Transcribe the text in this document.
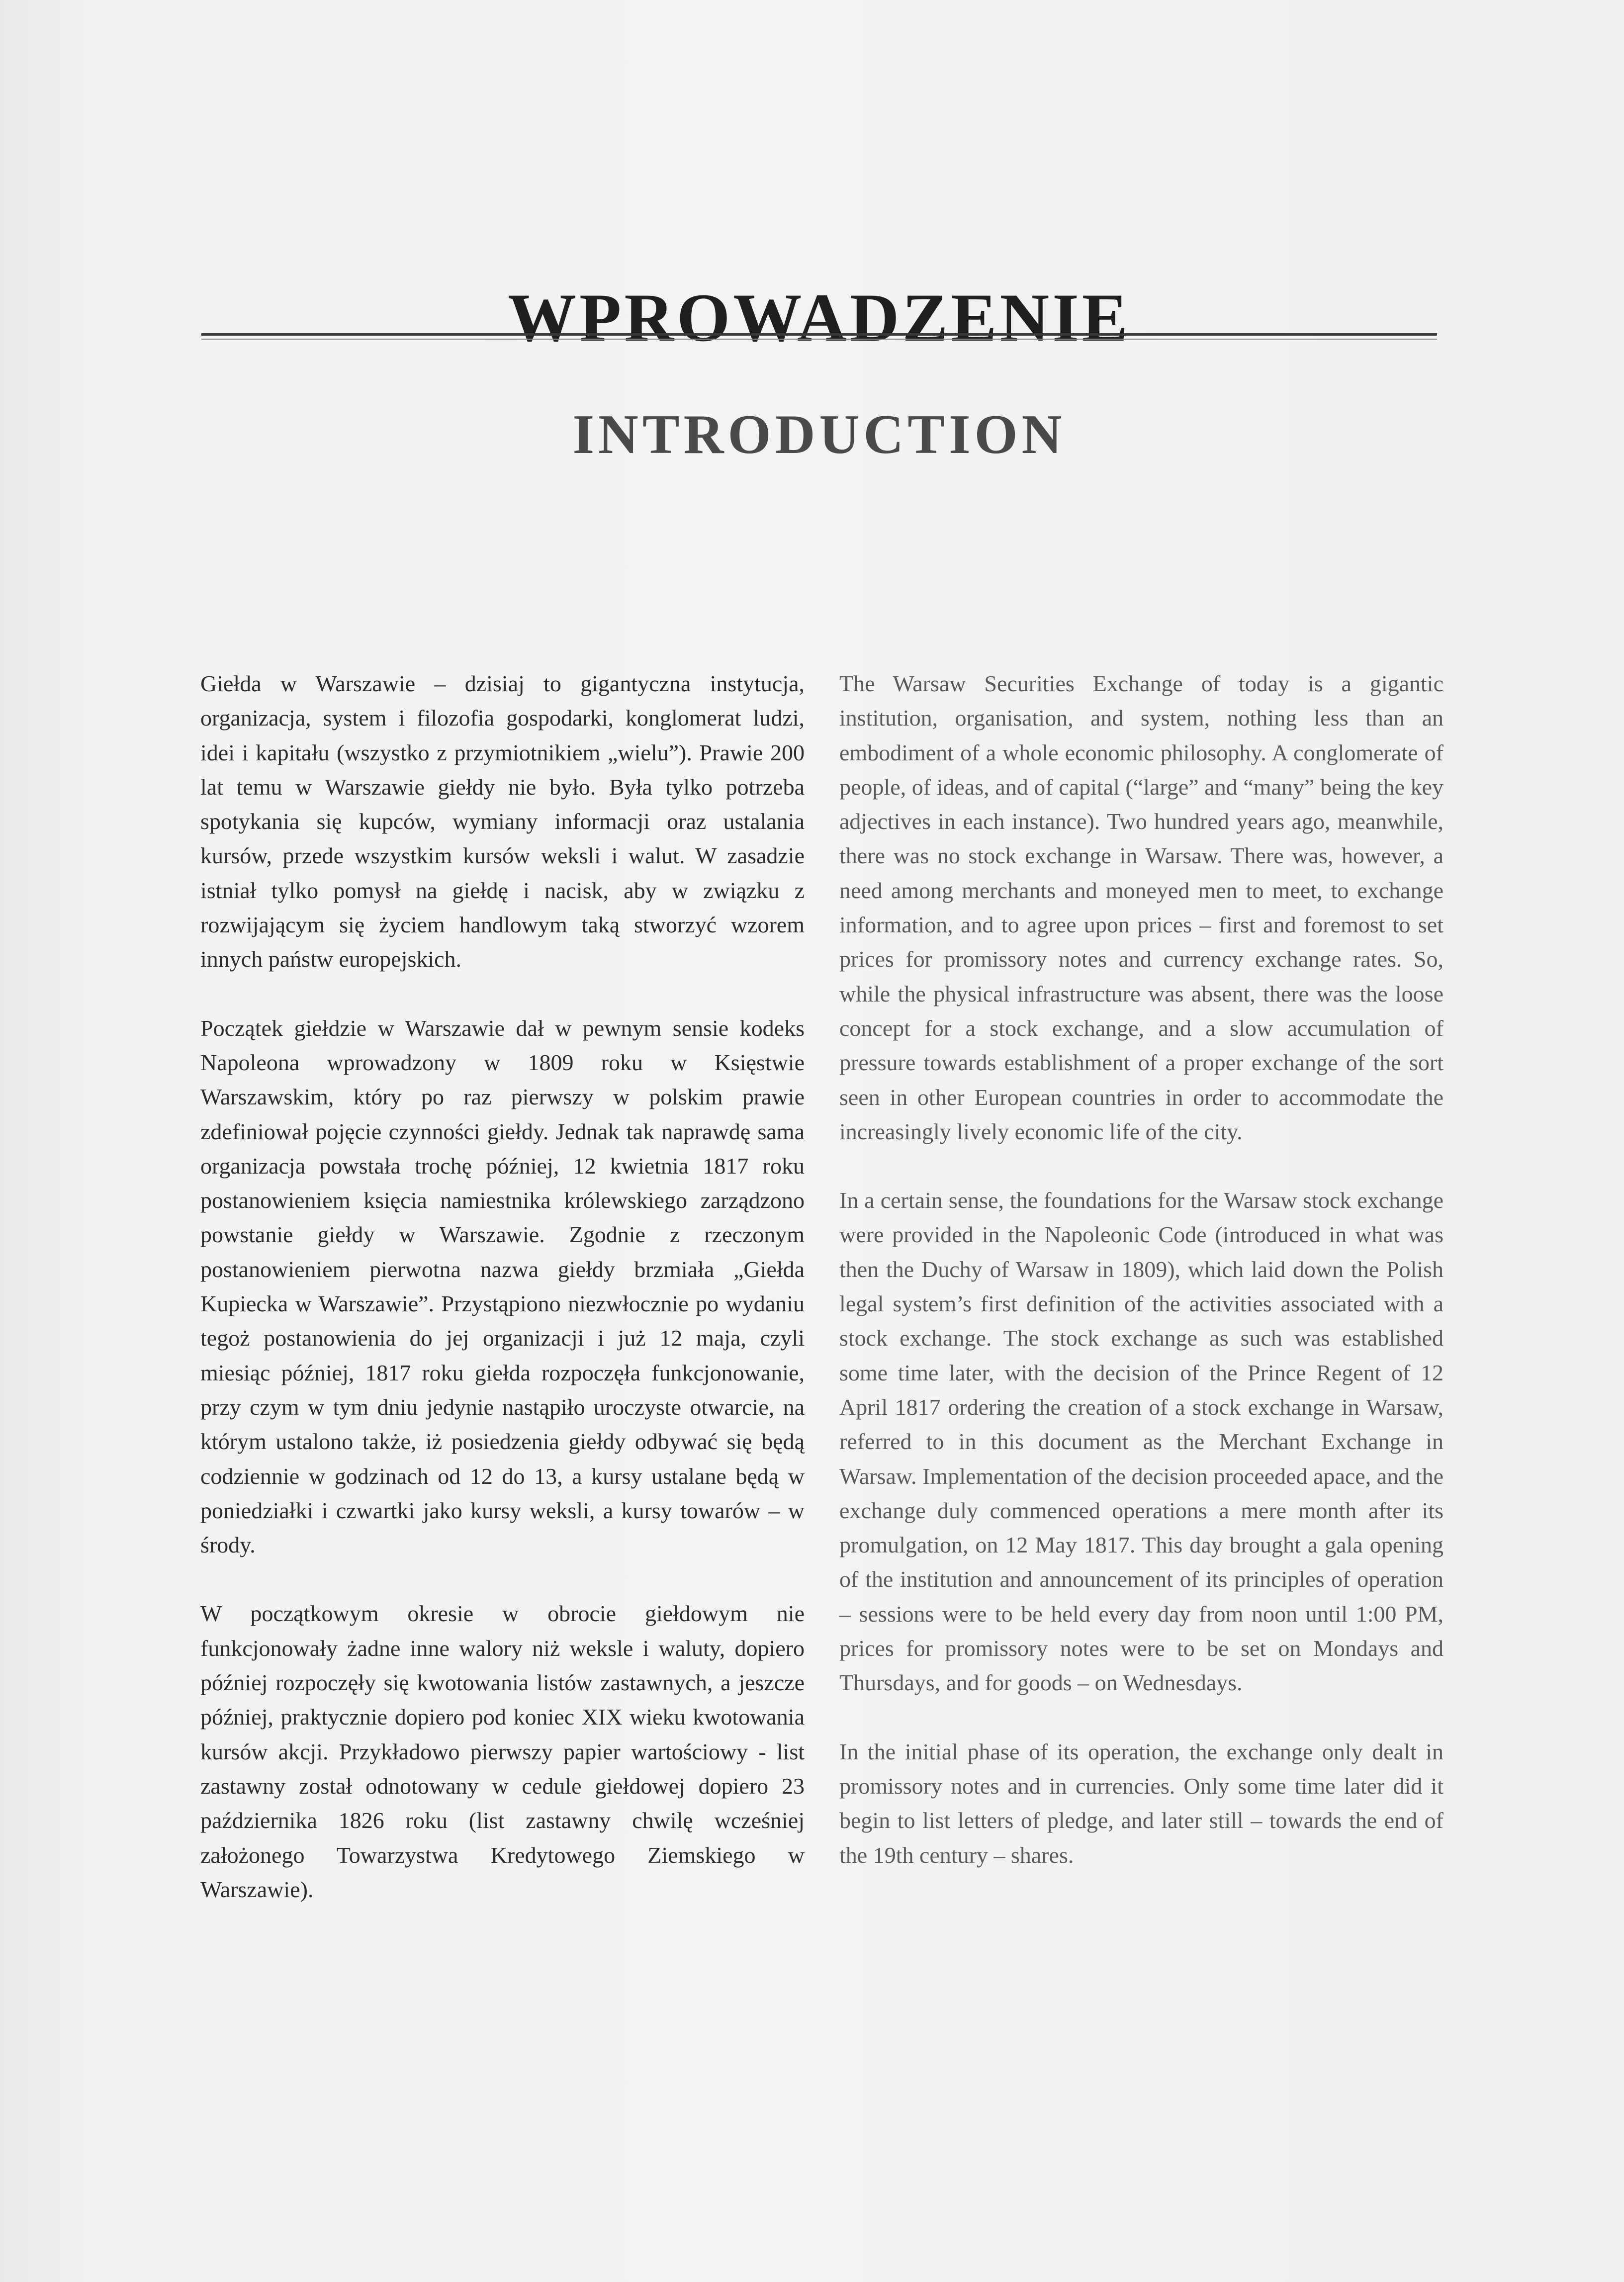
WPROWADZENIE
INTRODUCTION

Giełda w Warszawie – dzisiaj to gigantyczna instytucja, organizacja, system i filozofia gospodarki, konglomerat ludzi, idei i kapitału (wszystko z przymiotnikiem „wielu”). Prawie 200 lat temu w Warszawie giełdy nie było. Była tylko potrzeba spotykania się kupców, wymiany informacji oraz ustalania kursów, przede wszystkim kursów weksli i walut. W zasadzie istniał tylko pomysł na giełdę i nacisk, aby w związku z rozwijającym się życiem handlowym taką stworzyć wzorem innych państw europejskich.

Początek giełdzie w Warszawie dał w pewnym sensie kodeks Napoleona wprowadzony w 1809 roku w Księstwie Warszawskim, który po raz pierwszy w polskim prawie zdefiniował pojęcie czynności giełdy. Jednak tak naprawdę sama organizacja powstała trochę później, 12 kwietnia 1817 roku postanowieniem księcia namiestnika królewskiego zarządzono powstanie giełdy w Warszawie. Zgodnie z rzeczonym postanowieniem pierwotna nazwa giełdy brzmiała „Giełda Kupiecka w Warszawie”. Przystąpiono niezwłocznie po wydaniu tegoż postanowienia do jej organizacji i już 12 maja, czyli miesiąc później, 1817 roku giełda rozpoczęła funkcjonowanie, przy czym w tym dniu jedynie nastąpiło uroczyste otwarcie, na którym ustalono także, iż posiedzenia giełdy odbywać się będą codziennie w godzinach od 12 do 13, a kursy ustalane będą w poniedziałki i czwartki jako kursy weksli, a kursy towarów – w środy.

W początkowym okresie w obrocie giełdowym nie funkcjonowały żadne inne walory niż weksle i waluty, dopiero później rozpoczęły się kwotowania listów zastawnych, a jeszcze później, praktycznie dopiero pod koniec XIX wieku kwotowania kursów akcji. Przykładowo pierwszy papier wartościowy - list zastawny został odnotowany w cedule giełdowej dopiero 23 października 1826 roku (list zastawny chwilę wcześniej założonego Towarzystwa Kredytowego Ziemskiego w Warszawie).

The Warsaw Securities Exchange of today is a gigantic institution, organisation, and system, nothing less than an embodiment of a whole economic philosophy. A conglomerate of people, of ideas, and of capital (“large” and “many” being the key adjectives in each instance). Two hundred years ago, meanwhile, there was no stock exchange in Warsaw. There was, however, a need among merchants and moneyed men to meet, to exchange information, and to agree upon prices – first and foremost to set prices for promissory notes and currency exchange rates. So, while the physical infrastructure was absent, there was the loose concept for a stock exchange, and a slow accumulation of pressure towards establishment of a proper exchange of the sort seen in other European countries in order to accommodate the increasingly lively economic life of the city.

In a certain sense, the foundations for the Warsaw stock exchange were provided in the Napoleonic Code (introduced in what was then the Duchy of Warsaw in 1809), which laid down the Polish legal system’s first definition of the activities associated with a stock exchange. The stock exchange as such was established some time later, with the decision of the Prince Regent of 12 April 1817 ordering the creation of a stock exchange in Warsaw, referred to in this document as the Merchant Exchange in Warsaw. Implementation of the decision proceeded apace, and the exchange duly commenced operations a mere month after its promulgation, on 12 May 1817. This day brought a gala opening of the institution and announcement of its principles of operation – sessions were to be held every day from noon until 1:00 PM, prices for promissory notes were to be set on Mondays and Thursdays, and for goods – on Wednesdays.

In the initial phase of its operation, the exchange only dealt in promissory notes and in currencies. Only some time later did it begin to list letters of pledge, and later still – towards the end of the 19th century – shares.
